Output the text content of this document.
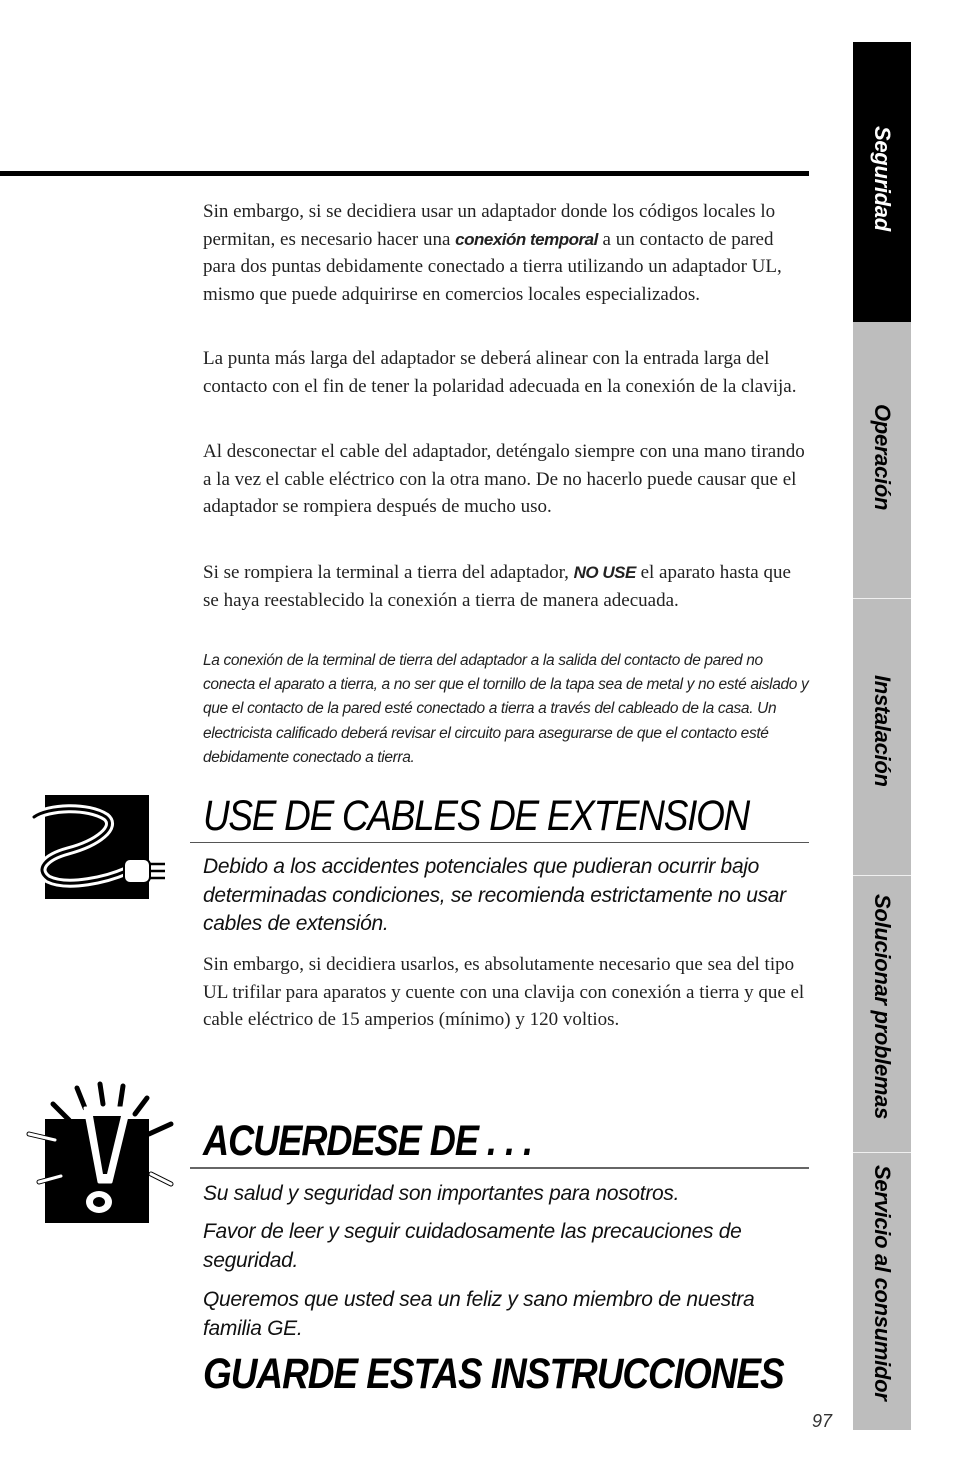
Sin embargo, si se decidiera usar un adaptador donde los códigos locales lo permitan, es necesario hacer una conexión temporal a un contacto de pared para dos puntas debidamente conectado a tierra utilizando un adaptador UL, mismo que puede adquirirse en comercios locales especializados.

La punta más larga del adaptador se deberá alinear con la entrada larga del contacto con el fin de tener la polaridad adecuada en la conexión de la clavija.

Al desconectar el cable del adaptador, deténgalo siempre con una mano tirando a la vez el cable eléctrico con la otra mano. De no hacerlo puede causar que el adaptador se rompiera después de mucho uso.

Si se rompiera la terminal a tierra del adaptador, NO USE el aparato hasta que se haya reestablecido la conexión a tierra de manera adecuada.

La conexión de la terminal de tierra del adaptador a la salida del contacto de pared no conecta el aparato a tierra, a no ser que el tornillo de la tapa sea de metal y no esté aislado y que el contacto de la pared esté conectado a tierra a través del cableado de la casa. Un electricista calificado deberá revisar el circuito para asegurarse de que el contacto esté debidamente conectado a tierra.
USE DE CABLES DE EXTENSION

Debido a los accidentes potenciales que pudieran ocurrir bajo determinadas condiciones, se recomienda estrictamente no usar cables de extensión.

Sin embargo, si decidiera usarlos, es absolutamente necesario que sea del tipo UL trifilar para aparatos y cuente con una clavija con conexión a tierra y que el cable eléctrico de 15 amperios (mínimo) y 120 voltios.

ACUERDESE DE . . .

Su salud y seguridad son importantes para nosotros.

Favor de leer y seguir cuidadosamente las precauciones de seguridad.

Queremos que usted sea un feliz y sano miembro de nuestra familia GE.

GUARDE ESTAS INSTRUCCIONES
Seguridad
Operación
Instalación
Solucionar problemas
Servicio al consumidor
97
